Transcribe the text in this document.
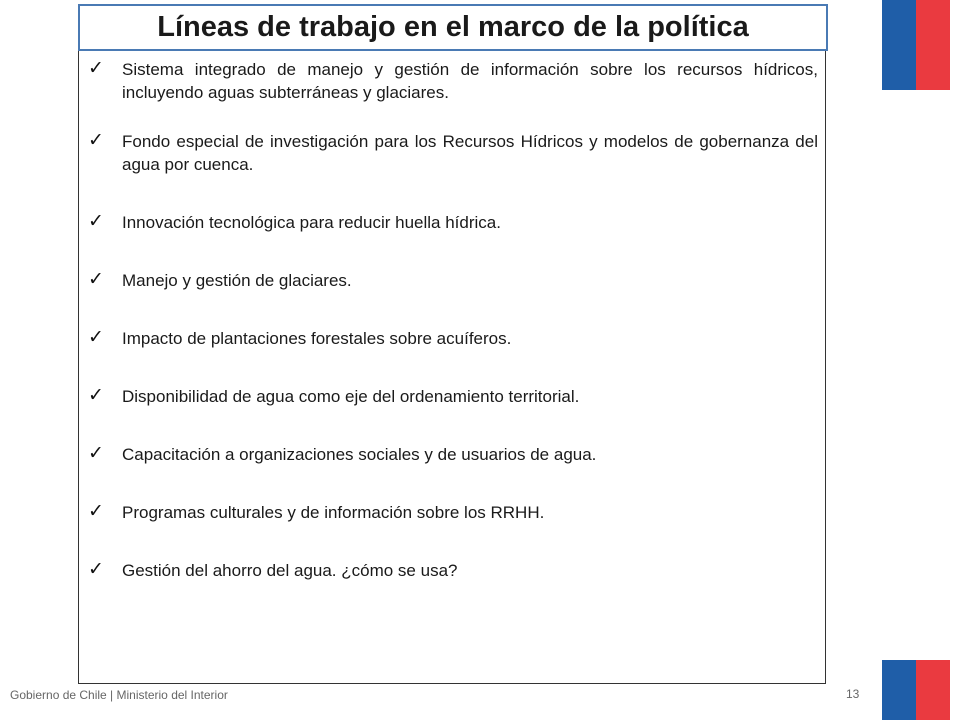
Líneas de trabajo en el marco de la política
✓ Sistema integrado de manejo y gestión de información sobre los recursos hídricos, incluyendo aguas subterráneas y glaciares.
✓ Fondo especial de investigación para los Recursos Hídricos y modelos de gobernanza del agua por cuenca.
✓ Innovación tecnológica para reducir huella hídrica.
✓ Manejo y gestión de glaciares.
✓ Impacto de plantaciones forestales sobre acuíferos.
✓ Disponibilidad de agua como eje del ordenamiento territorial.
✓ Capacitación a organizaciones sociales y de usuarios de agua.
✓ Programas culturales y de información sobre los RRHH.
✓ Gestión del ahorro del agua. ¿cómo se usa?
Gobierno de Chile | Ministerio del Interior	13
